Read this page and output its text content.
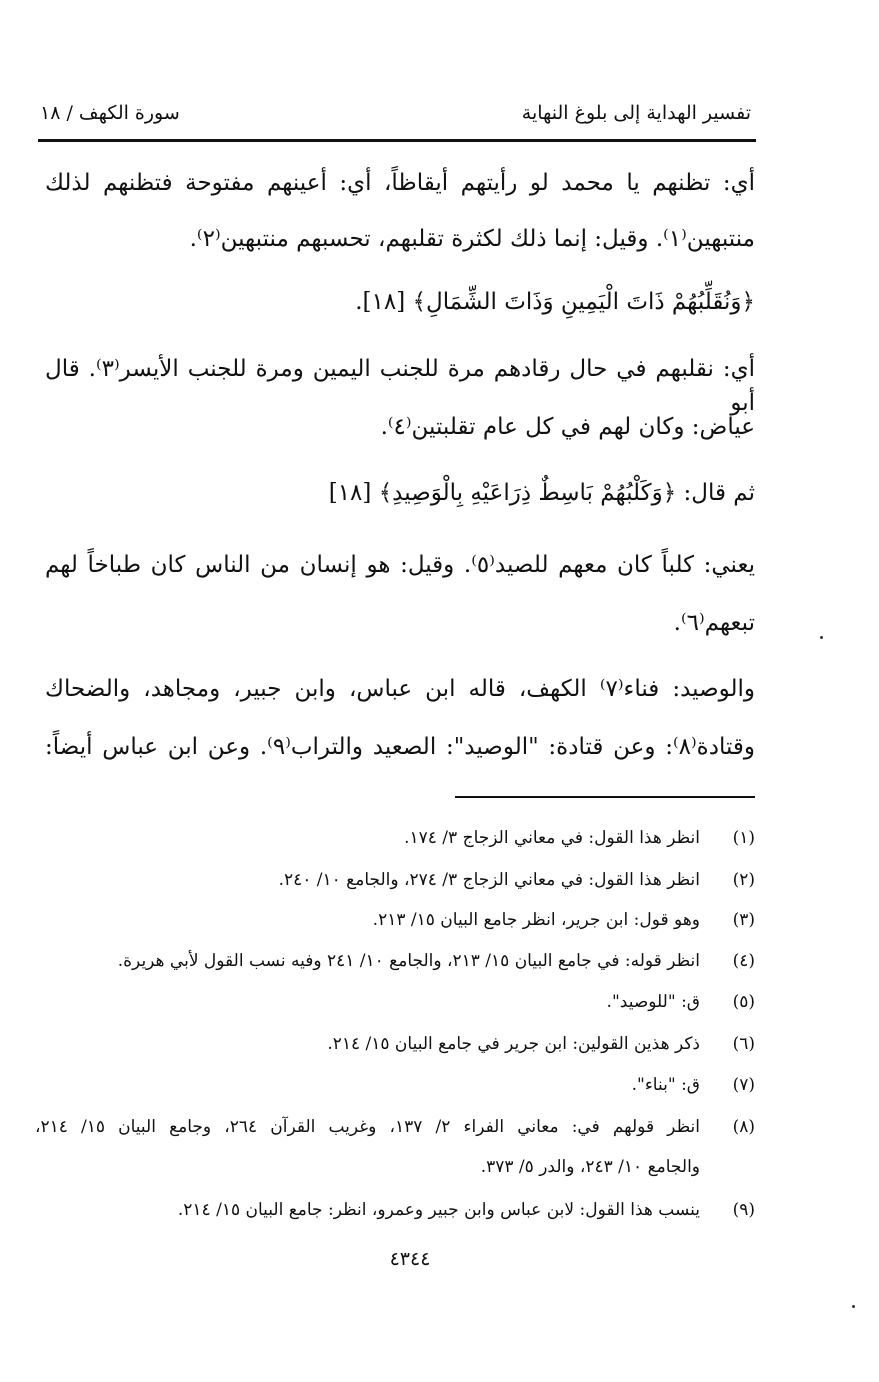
تفسير الهداية إلى بلوغ النهاية
سورة الكهف / ١٨
أي: تظنهم يا محمد لو رأيتهم أيقاظاً، أي: أعينهم مفتوحة فتظنهم لذلك
منتبهين⁽١⁾. وقيل: إنما ذلك لكثرة تقلبهم، تحسبهم منتبهين⁽٢⁾.
﴿وَنُقَلِّبُهُمْ ذَاتَ الْيَمِينِ وَذَاتَ الشِّمَالِ﴾ [١٨].
أي: نقلبهم في حال رقادهم مرة للجنب اليمين ومرة للجنب الأيسر⁽٣⁾. قال أبو
عياض: وكان لهم في كل عام تقلبتين⁽٤⁾.
ثم قال: ﴿وَكَلْبُهُمْ بَاسِطٌ ذِرَاعَيْهِ بِالْوَصِيدِ﴾ [١٨]
يعني: كلباً كان معهم للصيد⁽٥⁾. وقيل: هو إنسان من الناس كان طباخاً لهم
تبعهم⁽٦⁾.
والوصيد: فناء⁽٧⁾ الكهف، قاله ابن عباس، وابن جبير، ومجاهد، والضحاك
وقتادة⁽٨⁾: وعن قتادة: "الوصيد": الصعيد والتراب⁽٩⁾. وعن ابن عباس أيضاً:
(١)
انظر هذا القول: في معاني الزجاج ٣/ ١٧٤.
(٢)
انظر هذا القول: في معاني الزجاج ٣/ ٢٧٤، والجامع ١٠/ ٢٤٠.
(٣)
وهو قول: ابن جرير، انظر جامع البيان ١٥/ ٢١٣.
(٤)
انظر قوله: في جامع البيان ١٥/ ٢١٣، والجامع ١٠/ ٢٤١ وفيه نسب القول لأبي هريرة.
(٥)
ق: "للوصيد".
(٦)
ذكر هذين القولين: ابن جرير في جامع البيان ١٥/ ٢١٤.
(٧)
ق: "بناء".
(٨)
انظر قولهم في: معاني الفراء ٢/ ١٣٧، وغريب القرآن ٢٦٤، وجامع البيان ١٥/ ٢١٤،
والجامع ١٠/ ٢٤٣، والدر ٥/ ٣٧٣.
(٩)
ينسب هذا القول: لابن عباس وابن جبير وعمرو، انظر: جامع البيان ١٥/ ٢١٤.
٤٣٤٤
